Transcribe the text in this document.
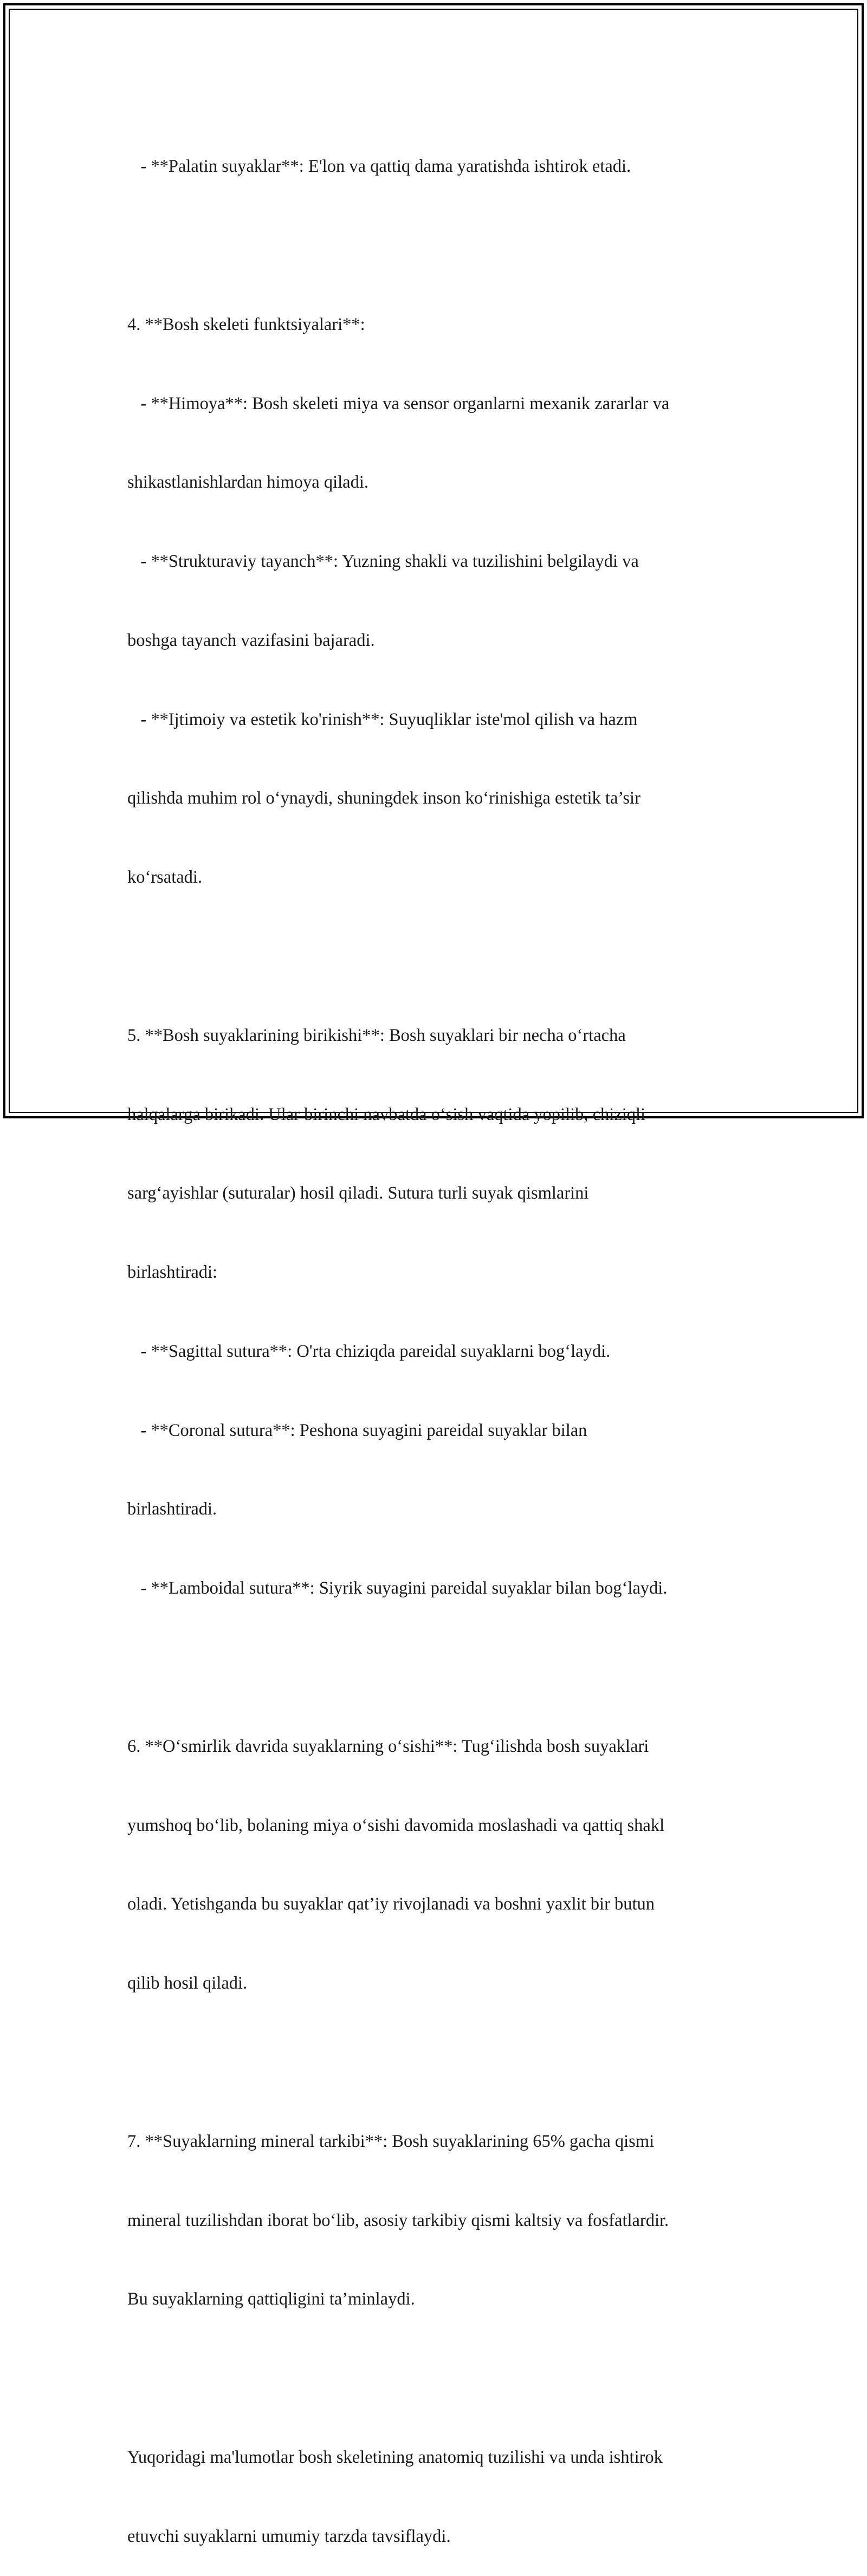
- **Palatin suyaklar**: E'lon va qattiq dama yaratishda ishtirok etadi.

4. **Bosh skeleti funktsiyalari**:

- **Himoya**: Bosh skeleti miya va sensor organlarni mexanik zararlar va

shikastlanishlardan himoya qiladi.

- **Strukturaviy tayanch**: Yuzning shakli va tuzilishini belgilaydi va

boshga tayanch vazifasini bajaradi.

- **Ijtimoiy va estetik ko'rinish**: Suyuqliklar iste'mol qilish va hazm

qilishda muhim rol o‘ynaydi, shuningdek inson ko‘rinishiga estetik ta’sir

ko‘rsatadi.

5. **Bosh suyaklarining birikishi**: Bosh suyaklari bir necha o‘rtacha

halqalarga birikadi. Ular birinchi navbatda o‘sish vaqtida yopilib, chiziqli

sarg‘ayishlar (suturalar) hosil qiladi. Sutura turli suyak qismlarini

birlashtiradi:

- **Sagittal sutura**: O'rta chiziqda pareidal suyaklarni bog‘laydi.

- **Coronal sutura**: Peshona suyagini pareidal suyaklar bilan

birlashtiradi.

- **Lamboidal sutura**: Siyrik suyagini pareidal suyaklar bilan bog‘laydi.

6. **O‘smirlik davrida suyaklarning o‘sishi**: Tug‘ilishda bosh suyaklari

yumshoq bo‘lib, bolaning miya o‘sishi davomida moslashadi va qattiq shakl

oladi. Yetishganda bu suyaklar qat’iy rivojlanadi va boshni yaxlit bir butun

qilib hosil qiladi.

7. **Suyaklarning mineral tarkibi**: Bosh suyaklarining 65% gacha qismi

mineral tuzilishdan iborat bo‘lib, asosiy tarkibiy qismi kaltsiy va fosfatlardir.

Bu suyaklarning qattiqligini ta’minlaydi.

Yuqoridagi ma'lumotlar bosh skeletining anatomiq tuzilishi va unda ishtirok

etuvchi suyaklarni umumiy tarzda tavsiflaydi.
